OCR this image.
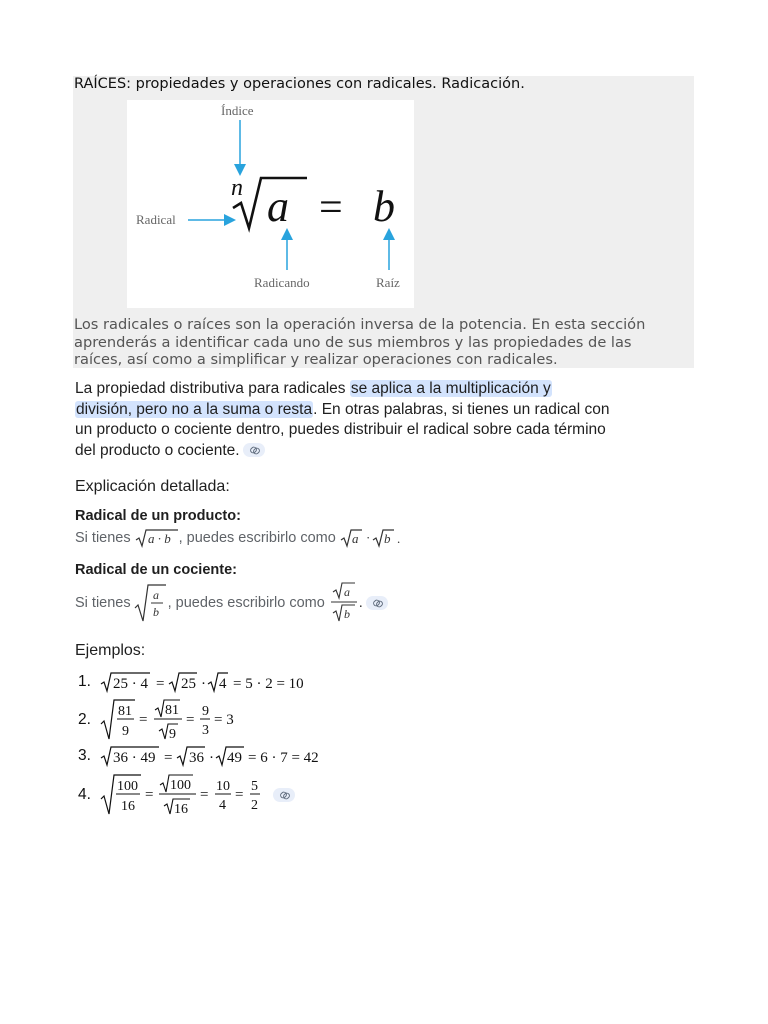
RAÍCES: propiedades y operaciones con radicales. Radicación.
Índice
Radical
n a = b
Radicando	Raíz

Los radicales o raíces son la operación inversa de la potencia. En esta sección

aprenderás a identificar cada uno de sus miembros y las propiedades de las

raíces, así como a simplificar y realizar operaciones con radicales.

La propiedad distributiva para radicales se aplica a la multiplicación y

división, pero no a la suma o resta. En otras palabras, si tienes un radical con

un producto o cociente dentro, puedes distribuir el radical sobre cada término

del producto o cociente.

Explicación detallada:
Radical de un producto:
Si tienes a · b , puedes escribirlo como a · b .
Radical de un cociente:
Si tienes a
b
, puedes escribirlo como
a
b
.
Ejemplos:
1.	25 · 4 = 25 · 4 = 5 · 2 = 10
2.	81
9
=
81
9
=
9
3
= 3
3.	36 · 49 = 36 · 49 = 6 · 7 = 42
4.	100
16
=
100
16
=
10
4
=
5
2
